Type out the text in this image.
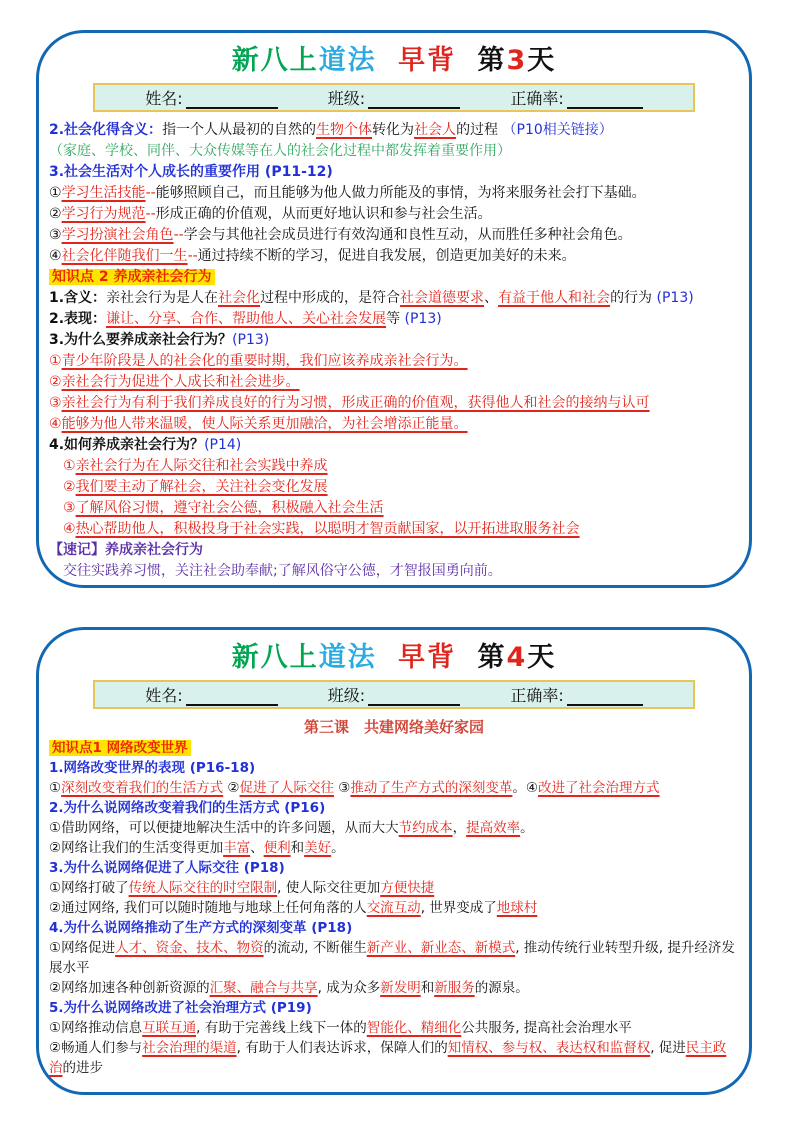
新八上道法 早背 第3天
姓名:	班级:	正确率:
2.社会化得含义：指一个人从最初的自然的生物个体转化为社会人的过程 （P10相关链接）
（家庭、学校、同伴、大众传媒等在人的社会化过程中都发挥着重要作用）
3.社会生活对个人成长的重要作用 (P11-12)
①学习生活技能--能够照顾自己，而且能够为他人做力所能及的事情，为将来服务社会打下基础。
②学习行为规范--形成正确的价值观，从而更好地认识和参与社会生活。
③学习扮演社会角色--学会与其他社会成员进行有效沟通和良性互动，从而胜任多种社会角色。
④社会化伴随我们一生--通过持续不断的学习，促进自我发展，创造更加美好的未来。
知识点 2 养成亲社会行为
1.含义：亲社会行为是人在社会化过程中形成的，是符合社会道德要求、有益于他人和社会的行为 (P13)
2.表现：谦让、分享、合作、帮助他人、关心社会发展等 (P13)
3.为什么要养成亲社会行为？(P13)
①青少年阶段是人的社会化的重要时期，我们应该养成亲社会行为。
②亲社会行为促进个人成长和社会进步。
③亲社会行为有利于我们养成良好的行为习惯，形成正确的价值观，获得他人和社会的接纳与认可
④能够为他人带来温暖，使人际关系更加融洽，为社会增添正能量。
4.如何养成亲社会行为？(P14)
①亲社会行为在人际交往和社会实践中养成
②我们要主动了解社会，关注社会变化发展
③了解风俗习惯，遵守社会公德，积极融入社会生活
④热心帮助他人，积极投身于社会实践，以聪明才智贡献国家，以开拓进取服务社会
【速记】养成亲社会行为
交往实践养习惯，关注社会助奉献;了解风俗守公德，才智报国勇向前。
新八上道法 早背 第4天
姓名:	班级:	正确率:
第三课　共建网络美好家园
知识点1 网络改变世界
1.网络改变世界的表现 (P16-18)
①深刻改变着我们的生活方式 ②促进了人际交往 ③推动了生产方式的深刻变革。④改进了社会治理方式
2.为什么说网络改变着我们的生活方式 (P16)
①借助网络，可以便捷地解决生活中的许多问题，从而大大节约成本，提高效率。
②网络让我们的生活变得更加丰富、便利和美好。
3.为什么说网络促进了人际交往 (P18)
①网络打破了传统人际交往的时空限制, 使人际交往更加方便快捷
②通过网络, 我们可以随时随地与地球上任何角落的人交流互动, 世界变成了地球村
4.为什么说网络推动了生产方式的深刻变革 (P18)
①网络促进人才、资金、技术、物资的流动, 不断催生新产业、新业态、新模式, 推动传统行业转型升级, 提升经济发展水平
②网络加速各种创新资源的汇聚、融合与共享, 成为众多新发明和新服务的源泉。
5.为什么说网络改进了社会治理方式 (P19)
①网络推动信息互联互通, 有助于完善线上线下一体的智能化、精细化公共服务, 提高社会治理水平
②畅通人们参与社会治理的渠道, 有助于人们表达诉求，保障人们的知情权、参与权、表达权和监督权, 促进民主政治的进步
